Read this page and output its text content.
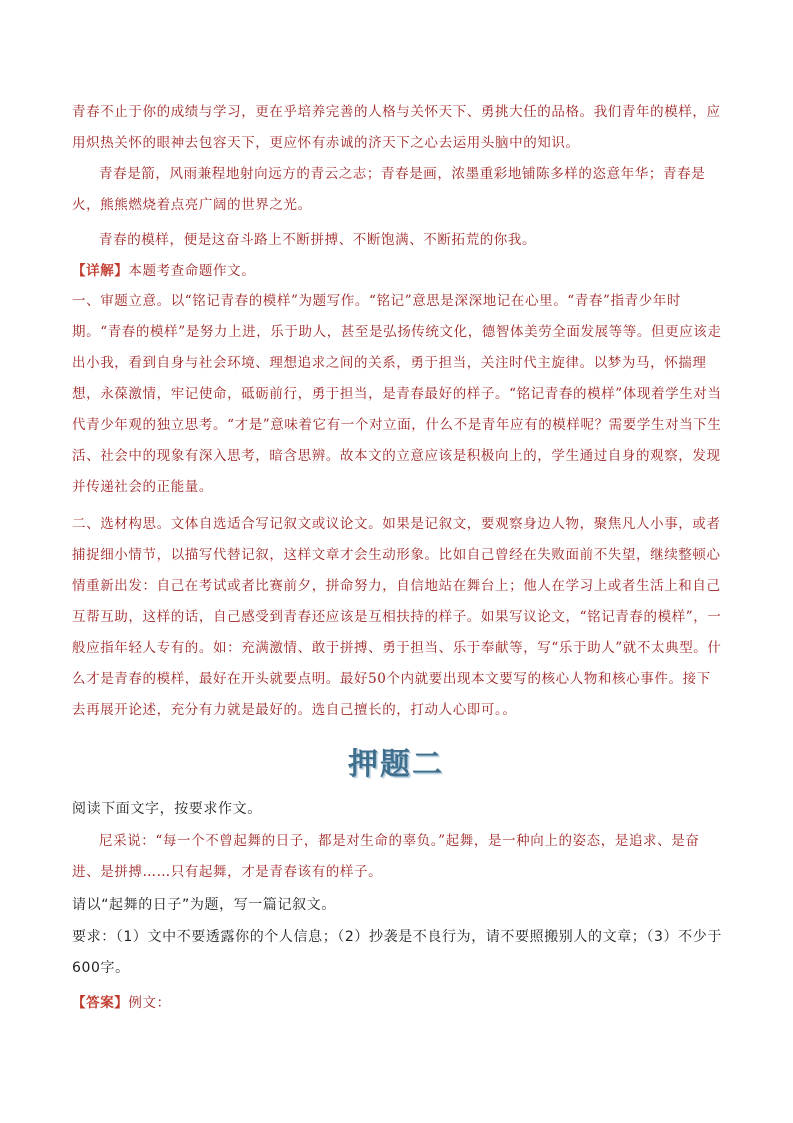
青春不止于你的成绩与学习，更在乎培养完善的人格与关怀天下、勇挑大任的品格。我们青年的模样，应用炽热关怀的眼神去包容天下，更应怀有赤诚的济天下之心去运用头脑中的知识。

青春是箭，风雨兼程地射向远方的青云之志；青春是画，浓墨重彩地铺陈多样的恣意年华；青春是火，熊熊燃烧着点亮广阔的世界之光。

青春的模样，便是这奋斗路上不断拼搏、不断饱满、不断拓荒的你我。

【详解】本题考查命题作文。

一、审题立意。以“铭记青春的模样”为题写作。“铭记”意思是深深地记在心里。“青春”指青少年时期。“青春的模样”是努力上进，乐于助人，甚至是弘扬传统文化，德智体美劳全面发展等等。但更应该走出小我，看到自身与社会环境、理想追求之间的关系，勇于担当，关注时代主旋律。以梦为马，怀揣理想，永葆激情，牢记使命，砥砺前行，勇于担当，是青春最好的样子。“铭记青春的模样”体现着学生对当代青少年观的独立思考。“才是”意味着它有一个对立面，什么不是青年应有的模样呢？需要学生对当下生活、社会中的现象有深入思考，暗含思辨。故本文的立意应该是积极向上的，学生通过自身的观察，发现并传递社会的正能量。

二、选材构思。文体自选适合写记叙文或议论文。如果是记叙文，要观察身边人物，聚焦凡人小事，或者捕捉细小情节，以描写代替记叙，这样文章才会生动形象。比如自己曾经在失败面前不失望，继续整顿心情重新出发：自己在考试或者比赛前夕，拼命努力，自信地站在舞台上；他人在学习上或者生活上和自己互帮互助，这样的话，自己感受到青春还应该是互相扶持的样子。如果写议论文，“铭记青春的模样”，一般应指年轻人专有的。如：充满激情、敢于拼搏、勇于担当、乐于奉献等，写“乐于助人”就不太典型。什么才是青春的模样，最好在开头就要点明。最好50个内就要出现本文要写的核心人物和核心事件。接下去再展开论述，充分有力就是最好的。选自己擅长的，打动人心即可。。

押题二

阅读下面文字，按要求作文。

尼采说：“每一个不曾起舞的日子，都是对生命的辜负。”起舞，是一种向上的姿态，是追求、是奋进、是拼搏……只有起舞，才是青春该有的样子。

请以“起舞的日子”为题，写一篇记叙文。

要求：（1）文中不要透露你的个人信息；（2）抄袭是不良行为，请不要照搬别人的文章；（3）不少于600字。

【答案】例文：
